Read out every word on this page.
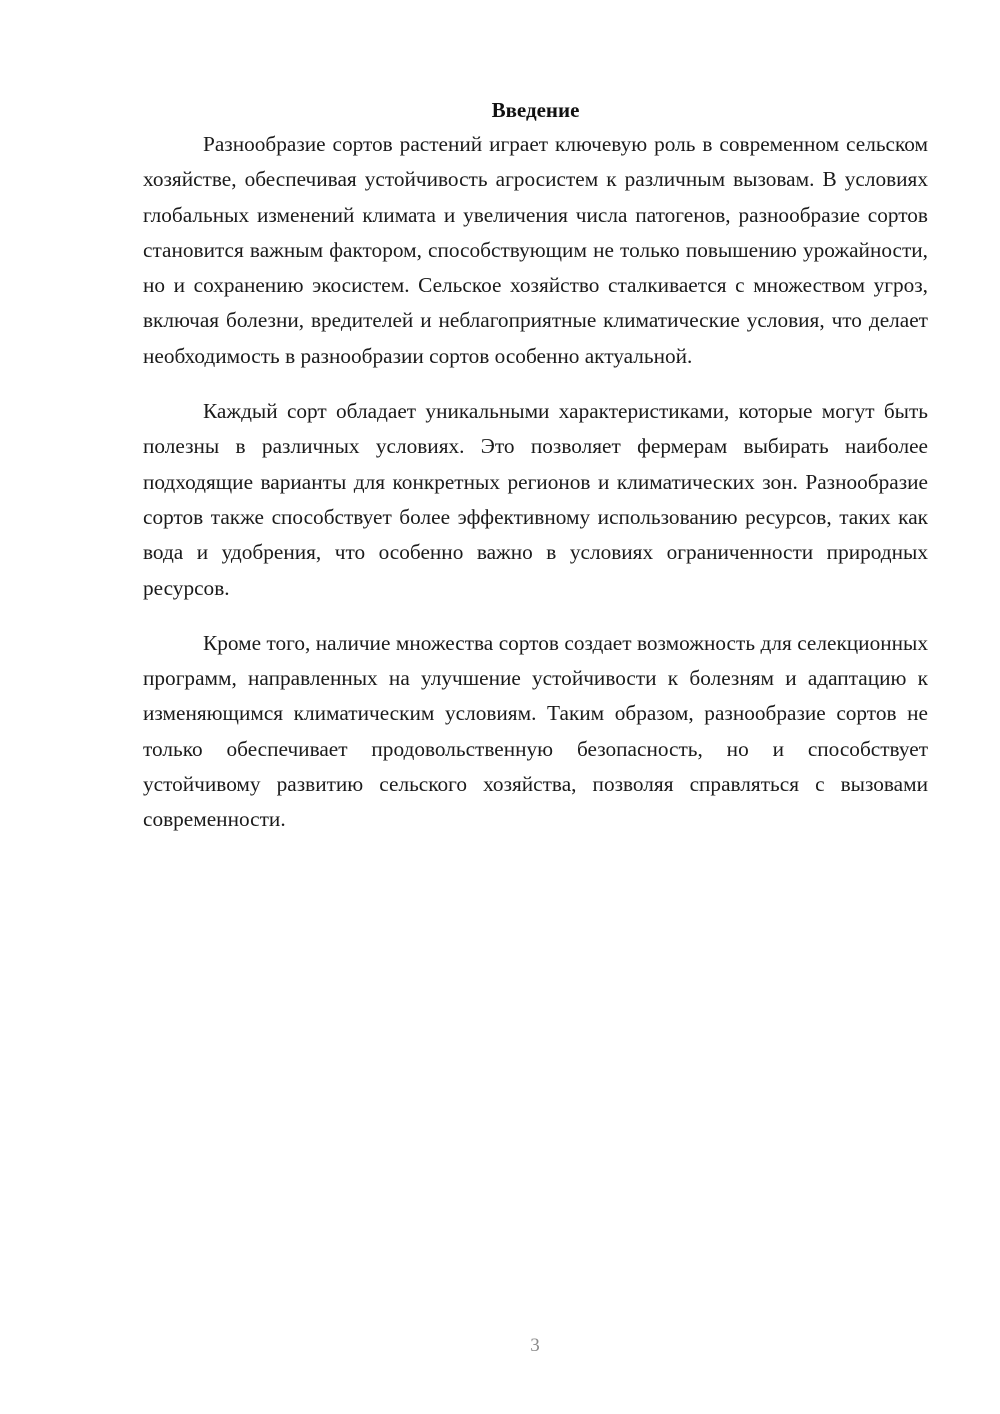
Введение

Разнообразие сортов растений играет ключевую роль в современном сельском хозяйстве, обеспечивая устойчивость агросистем к различным вызовам. В условиях глобальных изменений климата и увеличения числа патогенов, разнообразие сортов становится важным фактором, способствующим не только повышению урожайности, но и сохранению экосистем. Сельское хозяйство сталкивается с множеством угроз, включая болезни, вредителей и неблагоприятные климатические условия, что делает необходимость в разнообразии сортов особенно актуальной.

Каждый сорт обладает уникальными характеристиками, которые могут быть полезны в различных условиях. Это позволяет фермерам выбирать наиболее подходящие варианты для конкретных регионов и климатических зон. Разнообразие сортов также способствует более эффективному использованию ресурсов, таких как вода и удобрения, что особенно важно в условиях ограниченности природных ресурсов.

Кроме того, наличие множества сортов создает возможность для селекционных программ, направленных на улучшение устойчивости к болезням и адаптацию к изменяющимся климатическим условиям. Таким образом, разнообразие сортов не только обеспечивает продовольственную безопасность, но и способствует устойчивому развитию сельского хозяйства, позволяя справляться с вызовами современности.

3
